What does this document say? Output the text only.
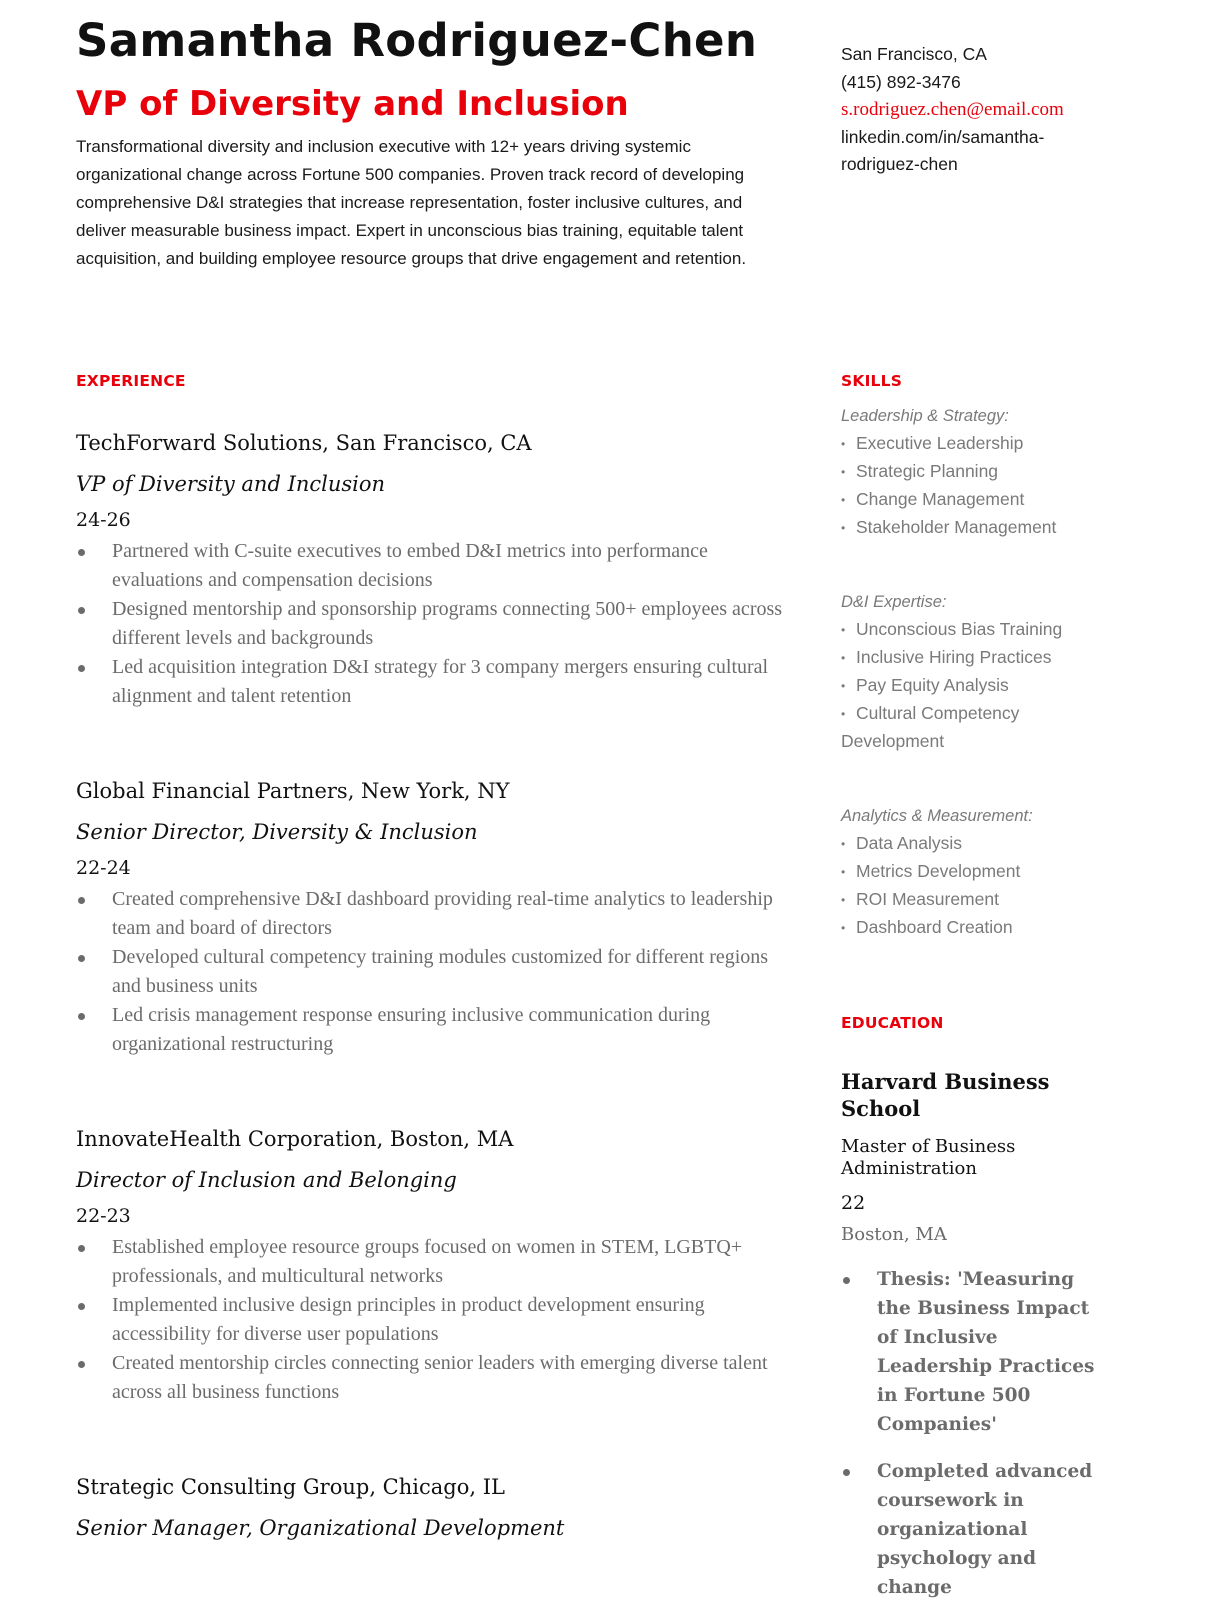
Samantha Rodriguez-Chen
VP of Diversity and Inclusion

Transformational diversity and inclusion executive with 12+ years driving systemic organizational change across Fortune 500 companies. Proven track record of developing comprehensive D&I strategies that increase representation, foster inclusive cultures, and deliver measurable business impact. Expert in unconscious bias training, equitable talent acquisition, and building employee resource groups that drive engagement and retention.

San Francisco, CA
(415) 892-3476
s.rodriguez.chen@email.com
linkedin.com/in/samantha-
rodriguez-chen
EXPERIENCE

TechForward Solutions, San Francisco, CA

VP of Diversity and Inclusion

24-26

Partnered with C-suite executives to embed D&I metrics into performance evaluations and compensation decisions
Designed mentorship and sponsorship programs connecting 500+ employees across different levels and backgrounds
Led acquisition integration D&I strategy for 3 company mergers ensuring cultural alignment and talent retention

Global Financial Partners, New York, NY

Senior Director, Diversity & Inclusion

22-24

Created comprehensive D&I dashboard providing real-time analytics to leadership team and board of directors
Developed cultural competency training modules customized for different regions and business units
Led crisis management response ensuring inclusive communication during organizational restructuring

InnovateHealth Corporation, Boston, MA

Director of Inclusion and Belonging

22-23

Established employee resource groups focused on women in STEM, LGBTQ+ professionals, and multicultural networks
Implemented inclusive design principles in product development ensuring accessibility for diverse user populations
Created mentorship circles connecting senior leaders with emerging diverse talent across all business functions

Strategic Consulting Group, Chicago, IL

Senior Manager, Organizational Development

SKILLS

Leadership & Strategy:

• Executive Leadership
• Strategic Planning
• Change Management
• Stakeholder Management

D&I Expertise:

• Unconscious Bias Training
• Inclusive Hiring Practices
• Pay Equity Analysis
• Cultural Competency Development

Analytics & Measurement:

• Data Analysis
• Metrics Development
• ROI Measurement
• Dashboard Creation
EDUCATION

Harvard Business School

Master of Business Administration

22

Boston, MA

Thesis: 'Measuring the Business Impact of Inclusive Leadership Practices in Fortune 500 Companies'
Completed advanced coursework in organizational psychology and change
